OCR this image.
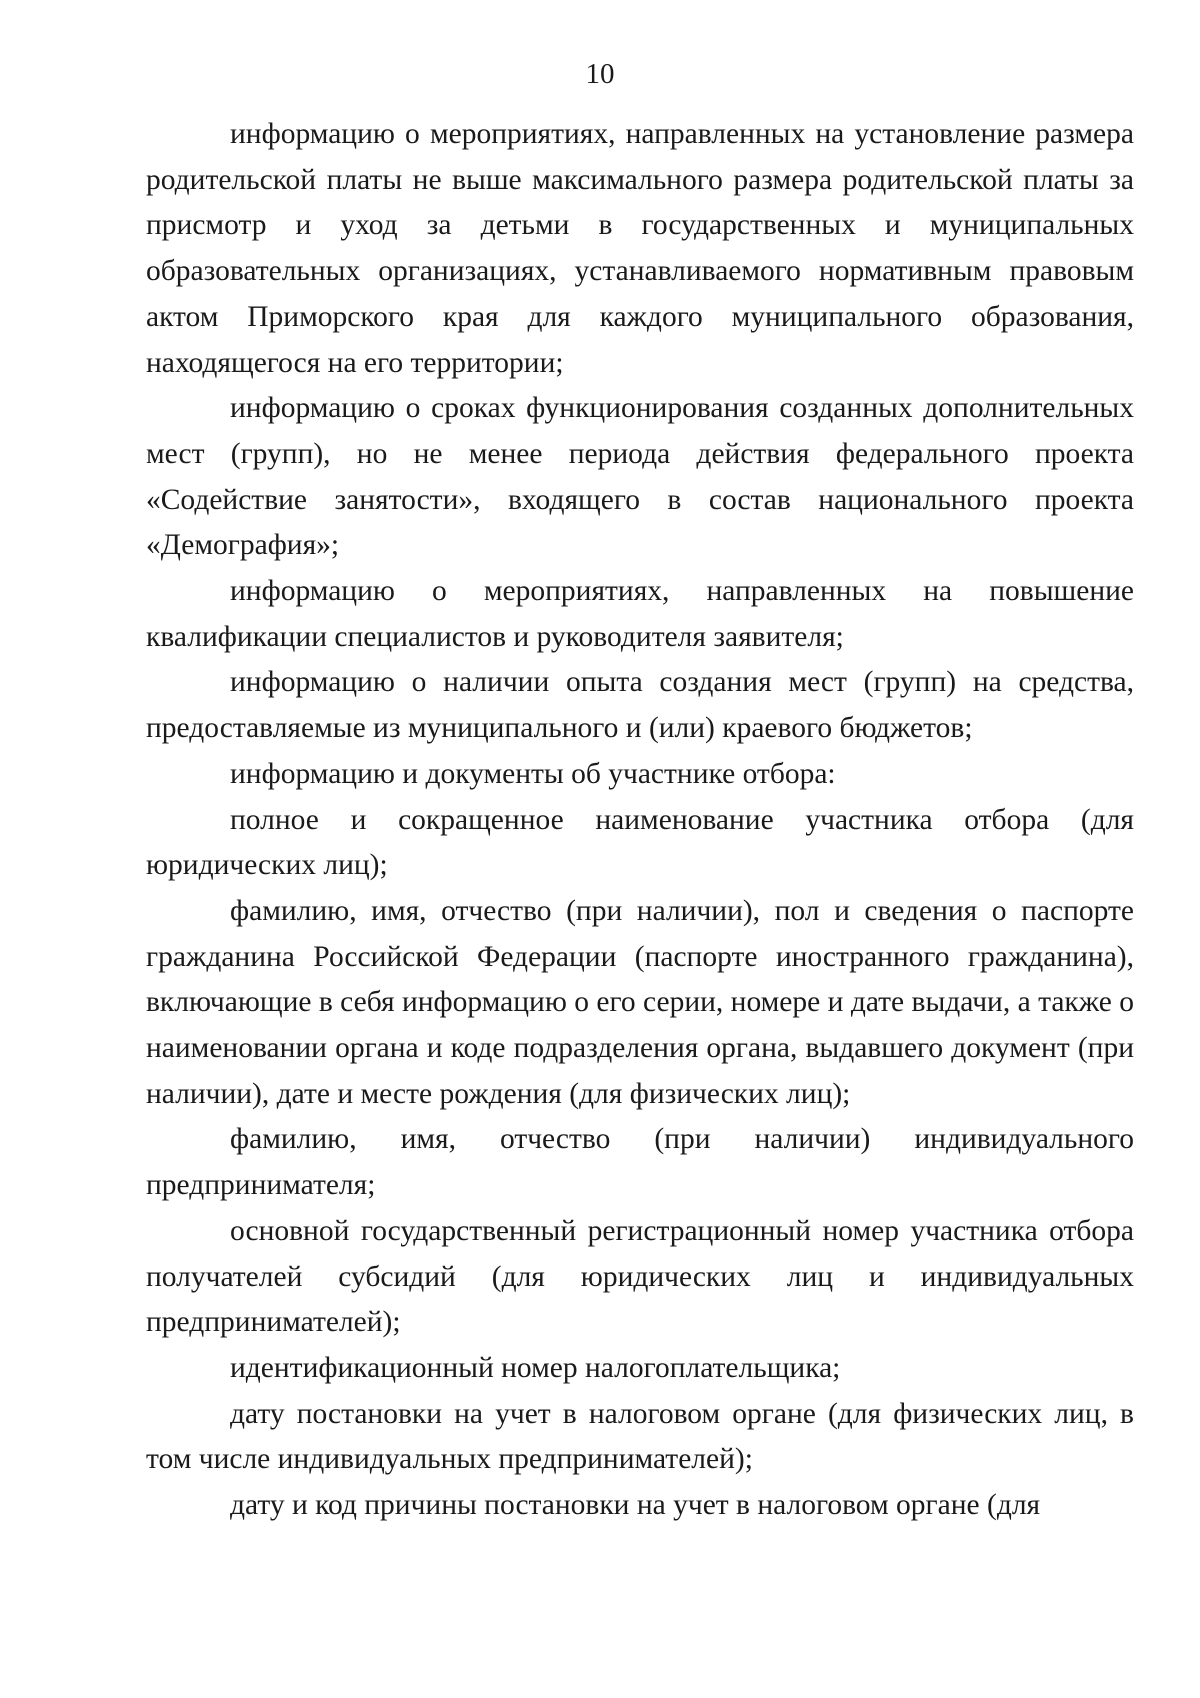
10

информацию о мероприятиях, направленных на установление размера родительской платы не выше максимального размера родительской платы за присмотр и уход за детьми в государственных и муниципальных образовательных организациях, устанавливаемого нормативным правовым актом Приморского края для каждого муниципального образования, находящегося на его территории;

информацию о сроках функционирования созданных дополнительных мест (групп), но не менее периода действия федерального проекта «Содействие занятости», входящего в состав национального проекта «Демография»;

информацию о мероприятиях, направленных на повышение квалификации специалистов и руководителя заявителя;

информацию о наличии опыта создания мест (групп) на средства, предоставляемые из муниципального и (или) краевого бюджетов;

информацию и документы об участнике отбора:

полное и сокращенное наименование участника отбора (для юридических лиц);

фамилию, имя, отчество (при наличии), пол и сведения о паспорте гражданина Российской Федерации (паспорте иностранного гражданина), включающие в себя информацию о его серии, номере и дате выдачи, а также о наименовании органа и коде подразделения органа, выдавшего документ (при наличии), дате и месте рождения (для физических лиц);

фамилию, имя, отчество (при наличии) индивидуального предпринимателя;

основной государственный регистрационный номер участника отбора получателей субсидий (для юридических лиц и индивидуальных предпринимателей);

идентификационный номер налогоплательщика;

дату постановки на учет в налоговом органе (для физических лиц, в том числе индивидуальных предпринимателей);

дату и код причины постановки на учет в налоговом органе (для
